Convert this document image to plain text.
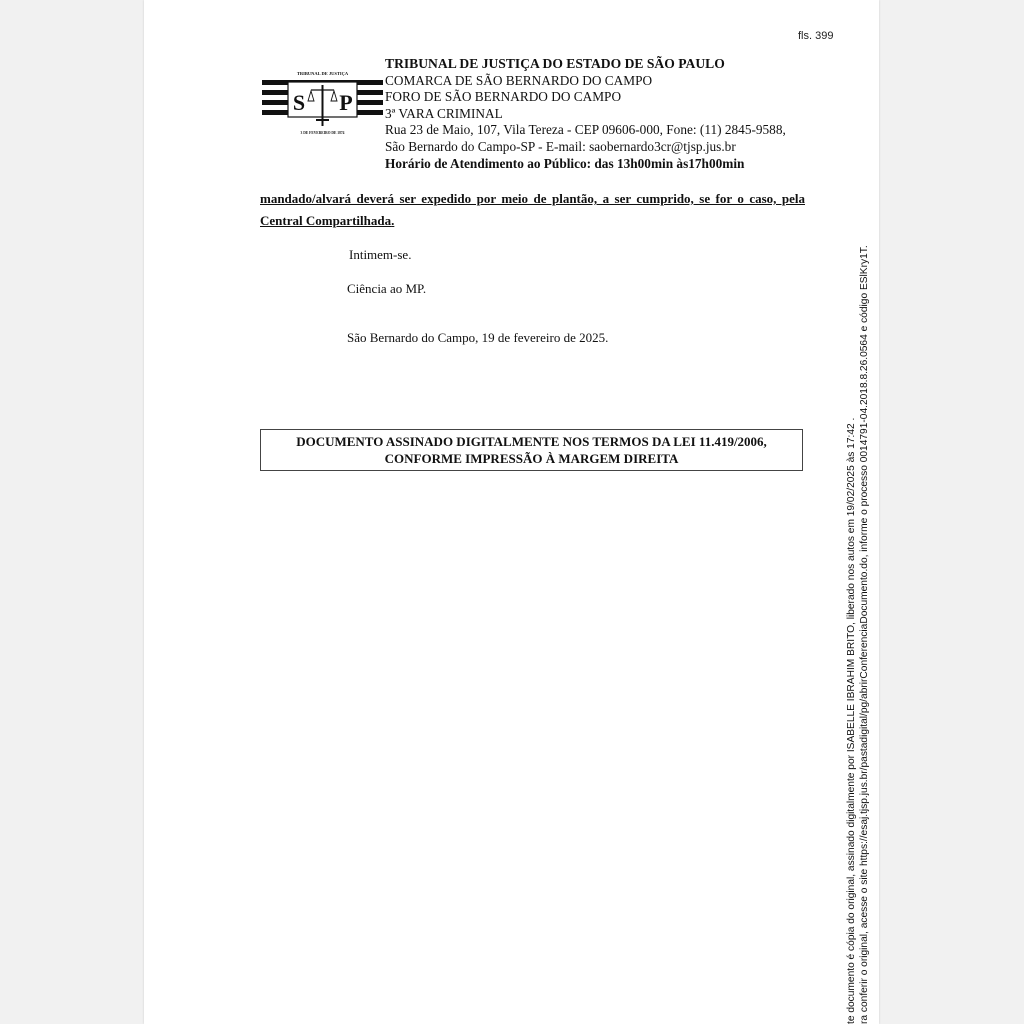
fls. 399
TRIBUNAL DE JUSTIÇA
S P
3 DE FEVEREIRO DE 1874
TRIBUNAL DE JUSTIÇA DO ESTADO DE SÃO PAULO
COMARCA DE SÃO BERNARDO DO CAMPO
FORO DE SÃO BERNARDO DO CAMPO
3ª VARA CRIMINAL
Rua 23 de Maio, 107, Vila Tereza - CEP 09606-000, Fone: (11) 2845-9588,
São Bernardo do Campo-SP - E-mail: saobernardo3cr@tjsp.jus.br
Horário de Atendimento ao Público: das 13h00min às17h00min
mandado/alvará deverá ser expedido por meio de plantão, a ser cumprido, se for o caso, pela
Central Compartilhada.
Intimem-se.
Ciência ao MP.
São Bernardo do Campo, 19 de fevereiro de 2025.
DOCUMENTO ASSINADO DIGITALMENTE NOS TERMOS DA LEI 11.419/2006,
CONFORME IMPRESSÃO À MARGEM DIREITA	te documento é cópia do original, assinado digitalmente por ISABELLE IBRAHIM BRITO, liberado nos autos em 19/02/2025 às 17:42 . ra conferir o original, acesse o site https://esaj.tjsp.jus.br/pastadigital/pg/abrirConferenciaDocumento.do, informe o processo 0014791-04.2018.8.26.0564 e código ESlKry1T.
